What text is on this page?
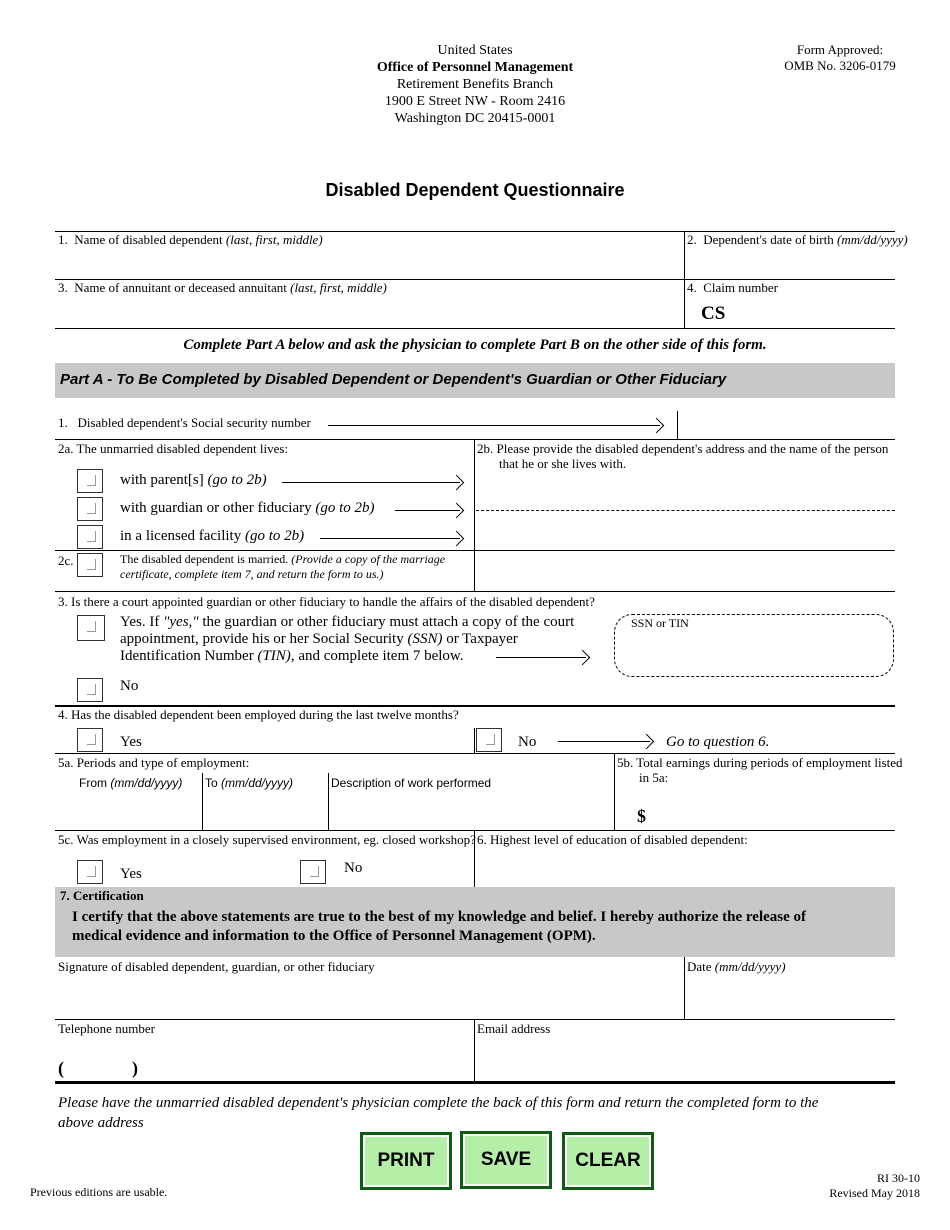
United States
Office of Personnel Management
Retirement Benefits Branch
1900 E Street NW - Room 2416
Washington DC 20415-0001
Form Approved:
OMB No. 3206-0179
Disabled Dependent Questionnaire
1. Name of disabled dependent (last, first, middle)	2. Dependent's date of birth (mm/dd/yyyy)
3. Name of annuitant or deceased annuitant (last, first, middle)	4. Claim number
CS
Complete Part A below and ask the physician to complete Part B on the other side of this form.
Part A - To Be Completed by Disabled Dependent or Dependent's Guardian or Other Fiduciary
1. Disabled dependent's Social security number
2a. The unmarried disabled dependent lives:	2b. Please provide the disabled dependent's address and the name of the person
that he or she lives with.
with parent[s] (go to 2b)
with guardian or other fiduciary (go to 2b)
in a licensed facility (go to 2b)
2c.	The disabled dependent is married. (Provide a copy of the marriage
certificate, complete item 7, and return the form to us.)
3. Is there a court appointed guardian or other fiduciary to handle the affairs of the disabled dependent?
Yes. If "yes," the guardian or other fiduciary must attach a copy of the court
appointment, provide his or her Social Security (SSN) or Taxpayer
Identification Number (TIN), and complete item 7 below.
SSN or TIN
No
4. Has the disabled dependent been employed during the last twelve months?
Yes	No	Go to question 6.
5a. Periods and type of employment:
From (mm/dd/yyyy) To (mm/dd/yyyy)	Description of work performed
5b. Total earnings during periods of employment listed
in 5a:
$
5c. Was employment in a closely supervised environment, eg. closed workshop?
Yes	No
6. Highest level of education of disabled dependent:
7. Certification
I certify that the above statements are true to the best of my knowledge and belief. I hereby authorize the release of
medical evidence and information to the Office of Personnel Management (OPM).
Signature of disabled dependent, guardian, or other fiduciary	Date (mm/dd/yyyy)
Telephone number
(	)
Email address
Please have the unmarried disabled dependent's physician complete the back of this form and return the completed form to the
above address
PRINT	SAVE	CLEAR
Previous editions are usable.
RI 30-10
Revised May 2018
